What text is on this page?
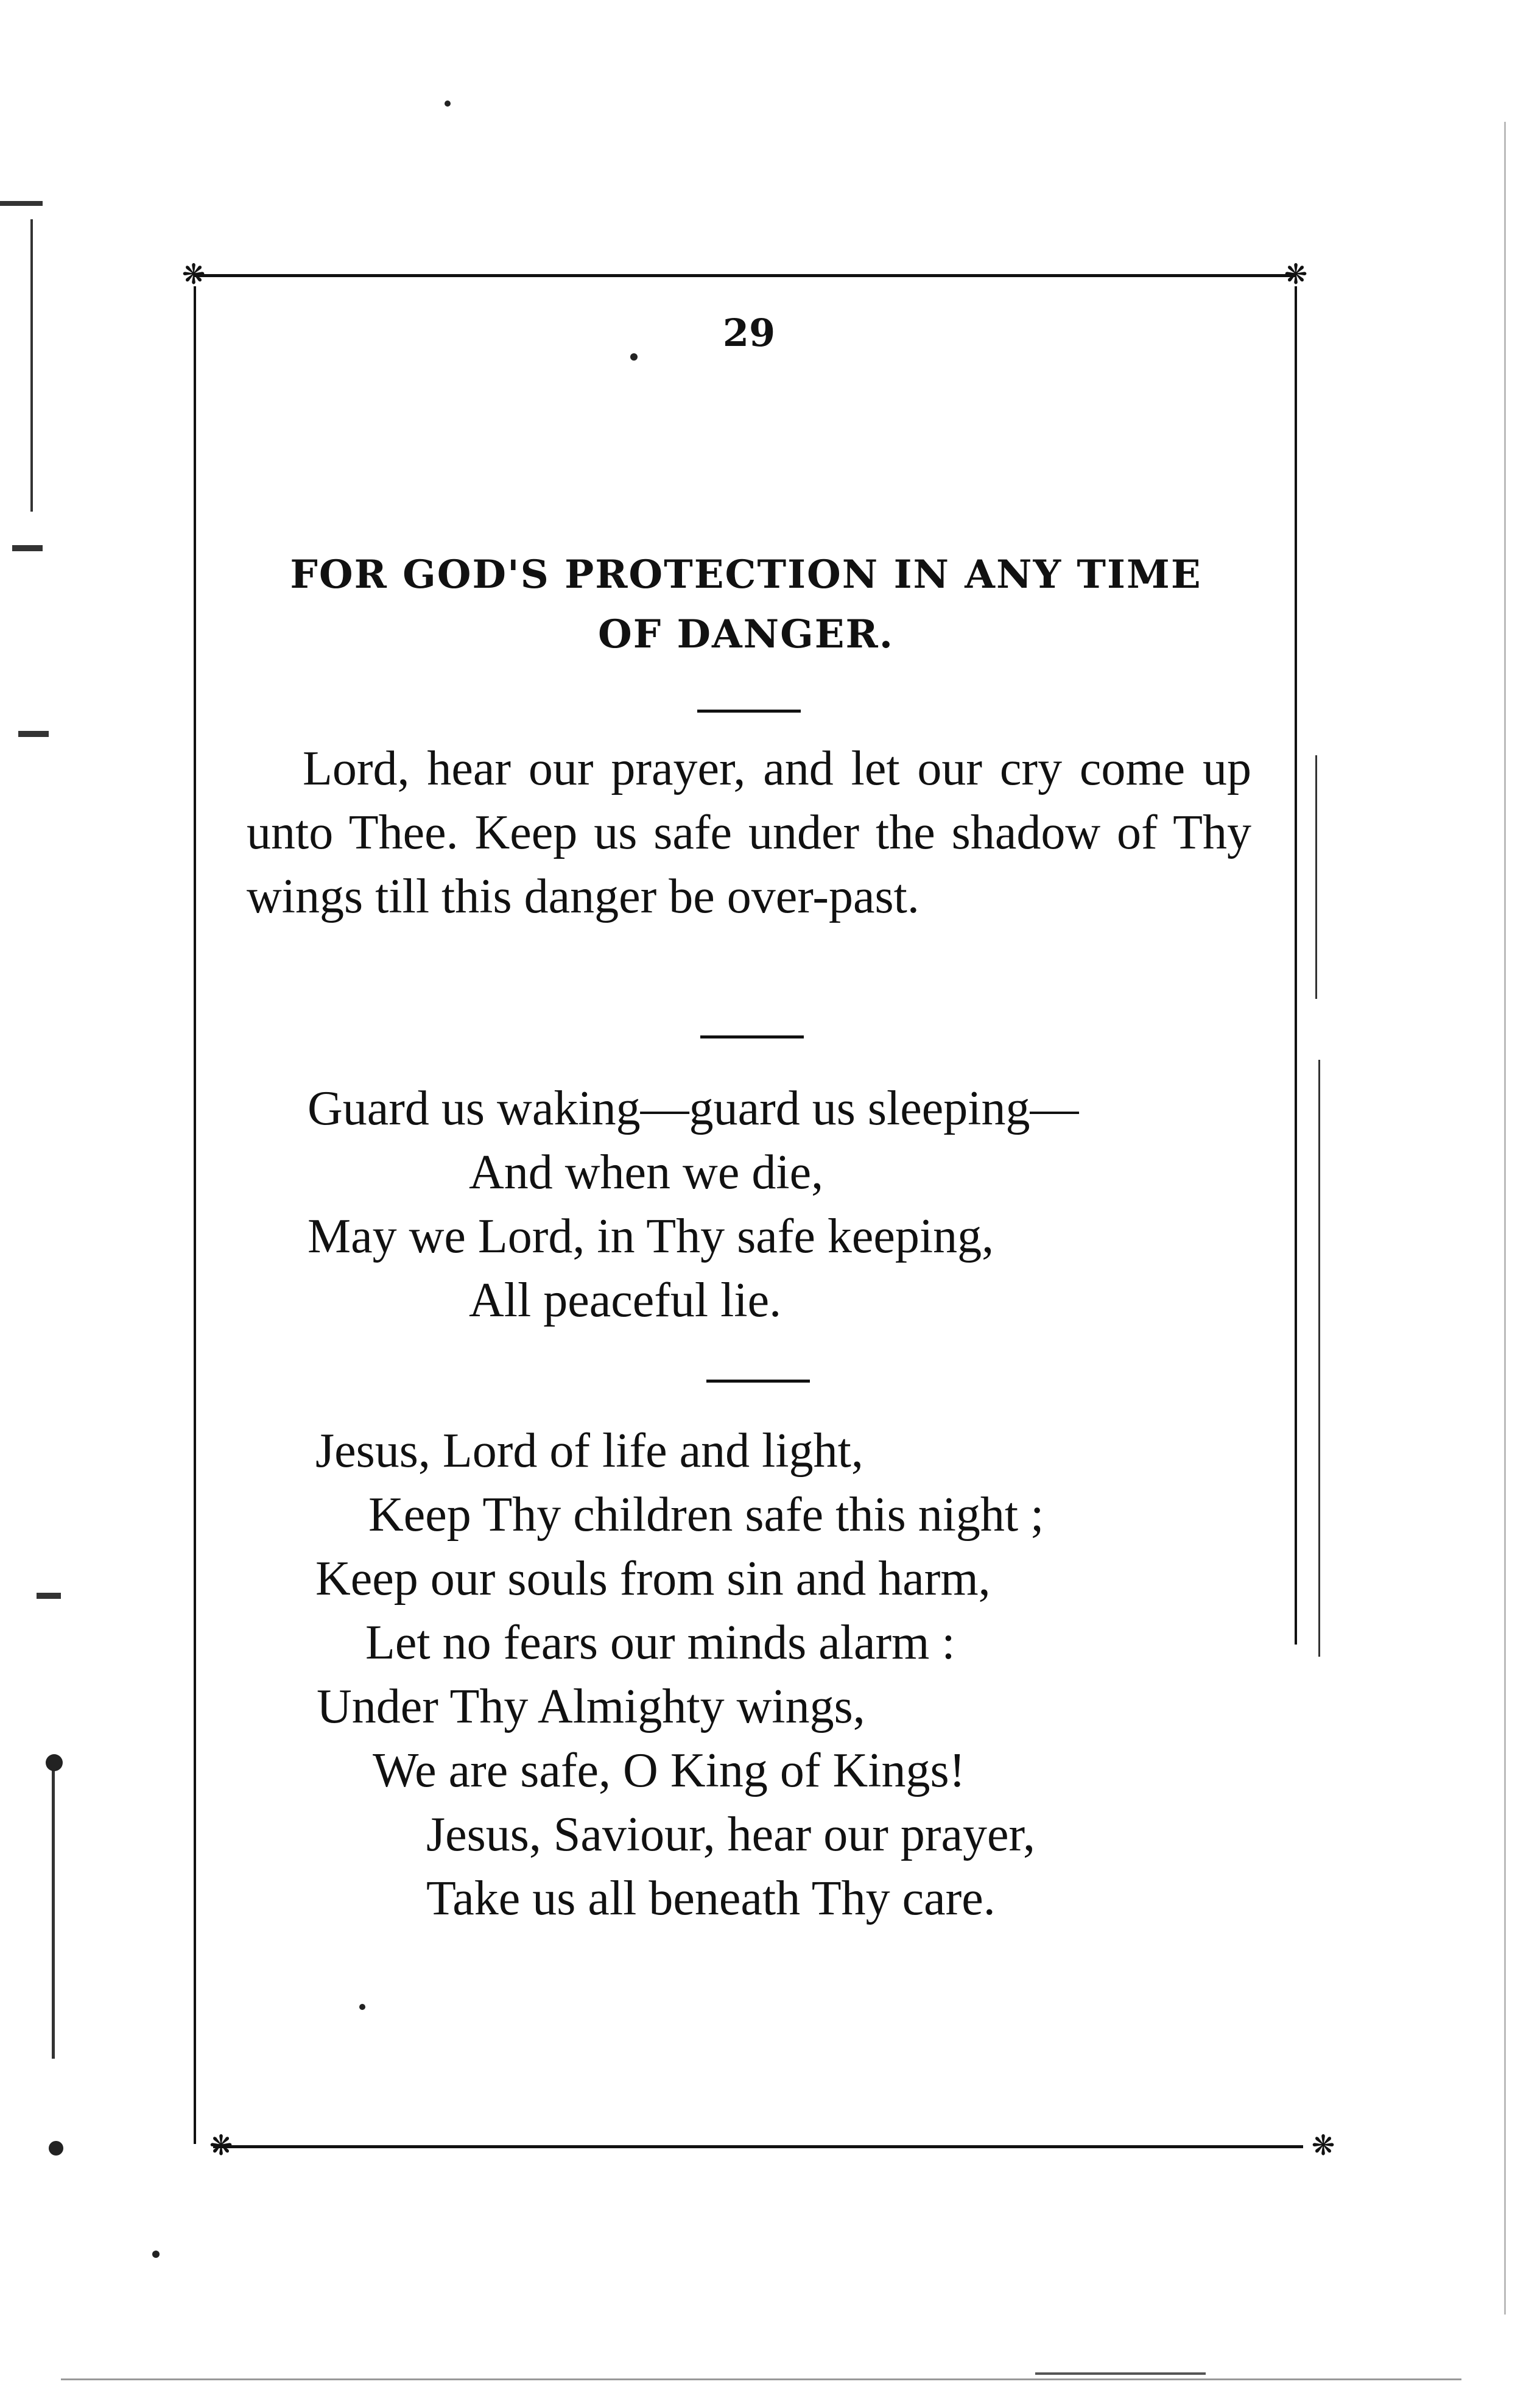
❋	❋
❋	❋
29
FOR GOD'S PROTECTION IN ANY TIME
OF DANGER.
Lord, hear our prayer, and let our cry come up unto Thee. Keep us safe under the shadow of Thy wings till this danger be over-past.
Guard us waking—guard us sleeping—
And when we die,
May we Lord, in Thy safe keeping,
All peaceful lie.
Jesus, Lord of life and light,
Keep Thy children safe this night ;
Keep our souls from sin and harm,
Let no fears our minds alarm :
Under Thy Almighty wings,
We are safe, O King of Kings!
Jesus, Saviour, hear our prayer,
Take us all beneath Thy care.
